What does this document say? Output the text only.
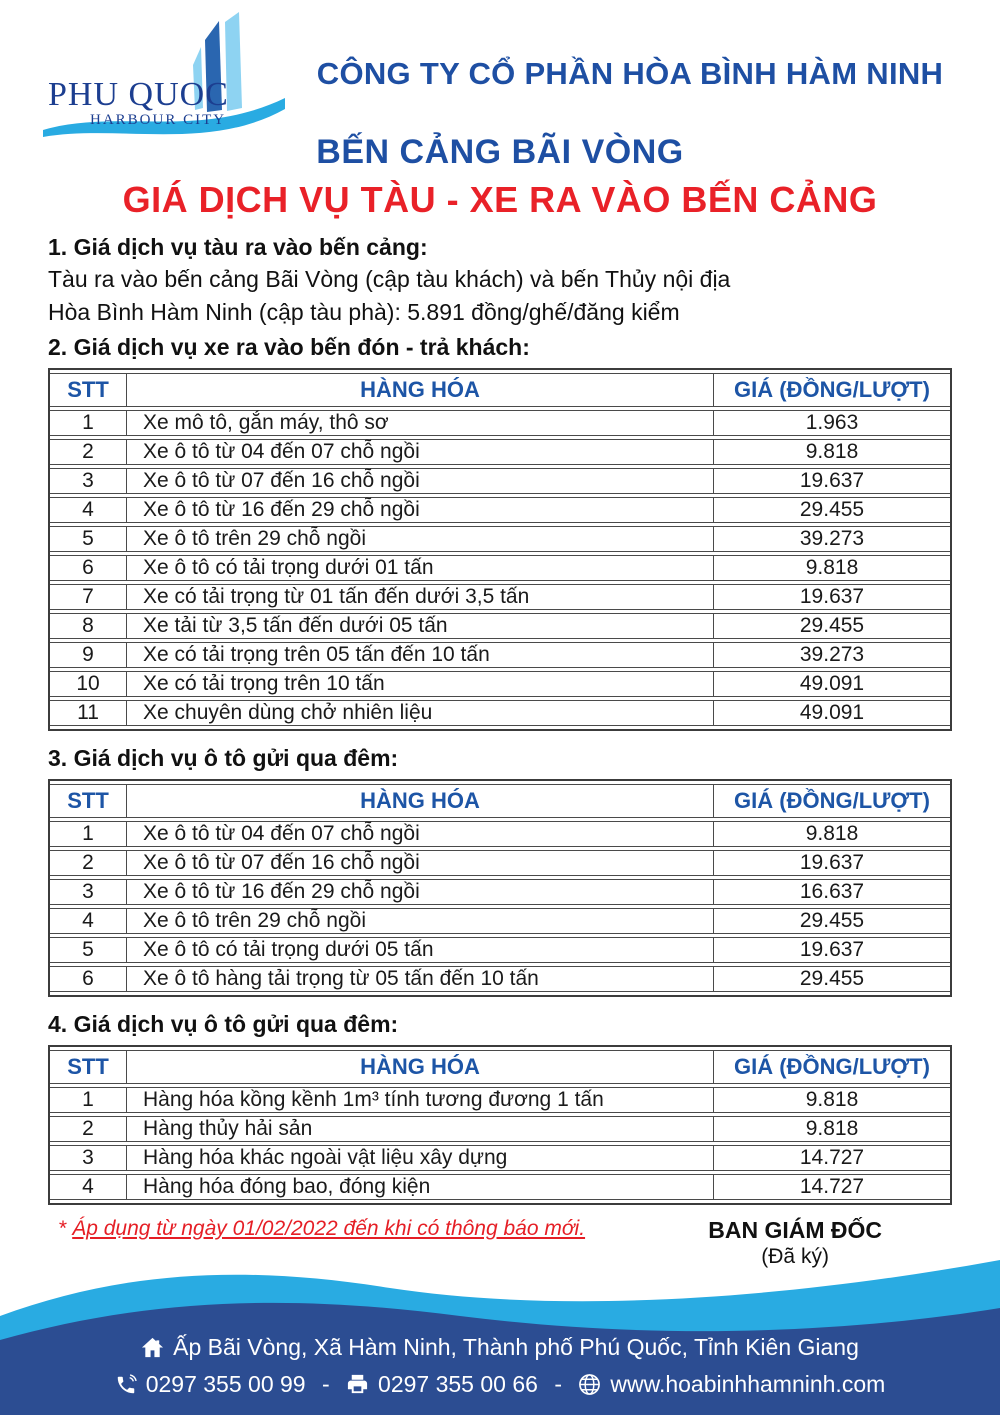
PHU QUOC
HARBOUR CITY
CÔNG TY CỔ PHẦN HÒA BÌNH HÀM NINH
BẾN CẢNG BÃI VÒNG
GIÁ DỊCH VỤ TÀU - XE RA VÀO BẾN CẢNG
1. Giá dịch vụ tàu ra vào bến cảng:
Tàu ra vào bến cảng Bãi Vòng (cập tàu khách) và bến Thủy nội địa
Hòa Bình Hàm Ninh (cập tàu phà): 5.891 đồng/ghế/đăng kiểm
2. Giá dịch vụ xe ra vào bến đón - trả khách:
STT	HÀNG HÓA	GIÁ (ĐỒNG/LƯỢT)
1	Xe mô tô, gắn máy, thô sơ	1.963
2	Xe ô tô từ 04 đến 07 chỗ ngồi	9.818
3	Xe ô tô từ 07 đến 16 chỗ ngồi	19.637
4	Xe ô tô từ 16 đến 29 chỗ ngồi	29.455
5	Xe ô tô trên 29 chỗ ngồi	39.273
6	Xe ô tô có tải trọng dưới 01 tấn	9.818
7	Xe có tải trọng từ 01 tấn đến dưới 3,5 tấn	19.637
8	Xe tải từ 3,5 tấn đến dưới 05 tấn	29.455
9	Xe có tải trọng trên 05 tấn đến 10 tấn	39.273
10	Xe có tải trọng trên 10 tấn	49.091
11	Xe chuyên dùng chở nhiên liệu	49.091
3. Giá dịch vụ ô tô gửi qua đêm:
STT	HÀNG HÓA	GIÁ (ĐỒNG/LƯỢT)
1	Xe ô tô từ 04 đến 07 chỗ ngồi	9.818
2	Xe ô tô từ 07 đến 16 chỗ ngồi	19.637
3	Xe ô tô từ 16 đến 29 chỗ ngồi	16.637
4	Xe ô tô trên 29 chỗ ngồi	29.455
5	Xe ô tô có tải trọng dưới 05 tấn	19.637
6	Xe ô tô hàng tải trọng từ 05 tấn đến 10 tấn	29.455
4. Giá dịch vụ ô tô gửi qua đêm:
STT	HÀNG HÓA	GIÁ (ĐỒNG/LƯỢT)
1	Hàng hóa kồng kềnh 1m³ tính tương đương 1 tấn	9.818
2	Hàng thủy hải sản	9.818
3	Hàng hóa khác ngoài vật liệu xây dựng	14.727
4	Hàng hóa đóng bao, đóng kiện	14.727
* Áp dụng từ ngày 01/02/2022 đến khi có thông báo mới.	BAN GIÁM ĐỐC
(Đã ký)
Ấp Bãi Vòng, Xã Hàm Ninh, Thành phố Phú Quốc, Tỉnh Kiên Giang
0297 355 00 99 - 0297 355 00 66 - www.hoabinhhamninh.com
